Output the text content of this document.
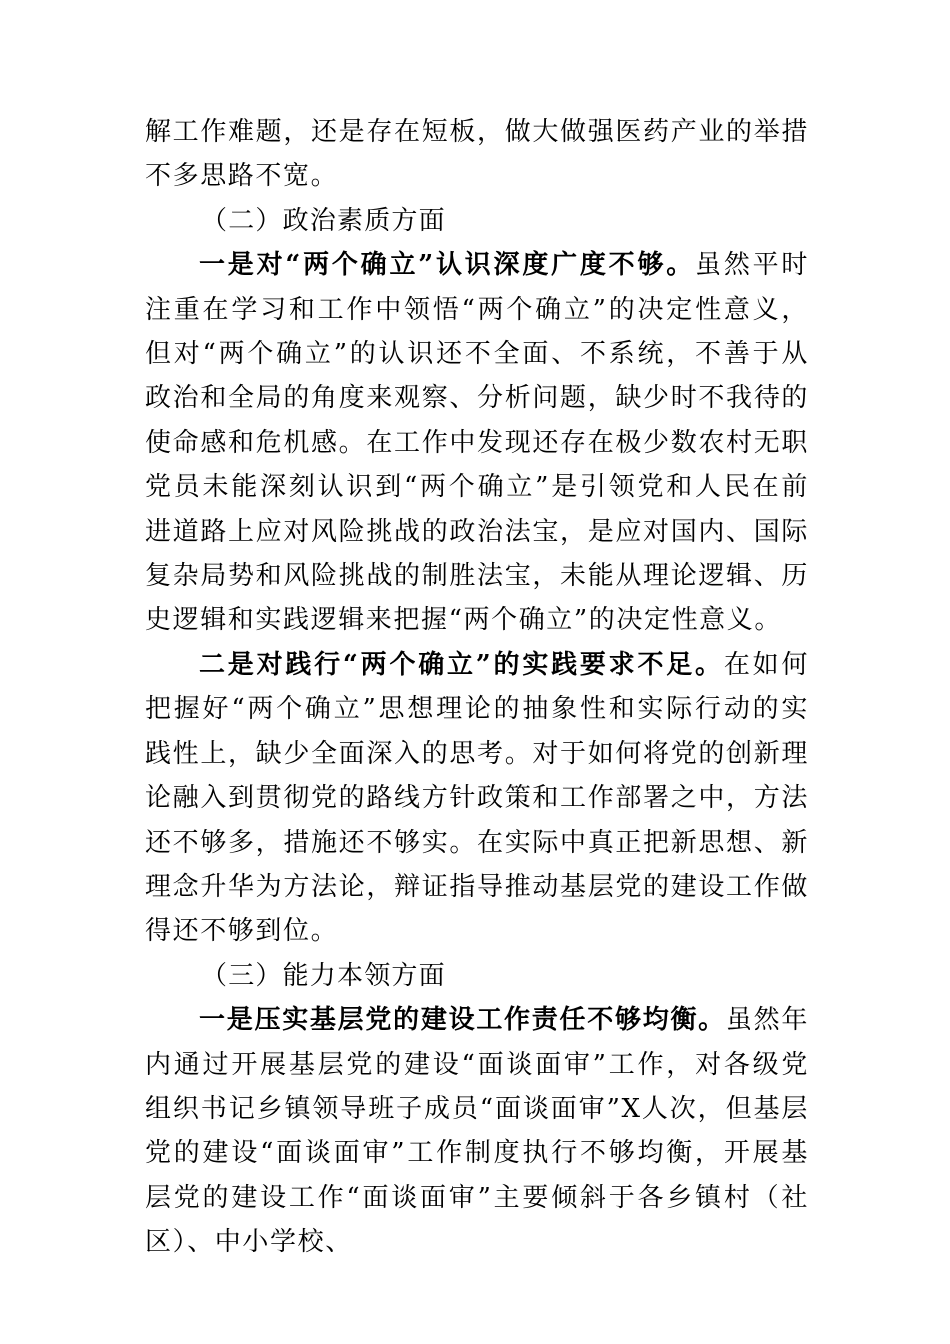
解工作难题，还是存在短板，做大做强医药产业的举措不多思路不宽。

（二）政治素质方面

一是对“两个确立”认识深度广度不够。虽然平时注重在学习和工作中领悟“两个确立”的决定性意义，但对“两个确立”的认识还不全面、不系统，不善于从政治和全局的角度来观察、分析问题，缺少时不我待的使命感和危机感。在工作中发现还存在极少数农村无职党员未能深刻认识到“两个确立”是引领党和人民在前进道路上应对风险挑战的政治法宝，是应对国内、国际复杂局势和风险挑战的制胜法宝，未能从理论逻辑、历史逻辑和实践逻辑来把握“两个确立”的决定性意义。

二是对践行“两个确立”的实践要求不足。在如何把握好“两个确立”思想理论的抽象性和实际行动的实践性上，缺少全面深入的思考。对于如何将党的创新理论融入到贯彻党的路线方针政策和工作部署之中，方法还不够多，措施还不够实。在实际中真正把新思想、新理念升华为方法论，辩证指导推动基层党的建设工作做得还不够到位。

（三）能力本领方面

一是压实基层党的建设工作责任不够均衡。虽然年内通过开展基层党的建设“面谈面审”工作，对各级党组织书记乡镇领导班子成员“面谈面审”X人次，但基层党的建设“面谈面审”工作制度执行不够均衡，开展基层党的建设工作“面谈面审”主要倾斜于各乡镇村（社区）、中小学校、
